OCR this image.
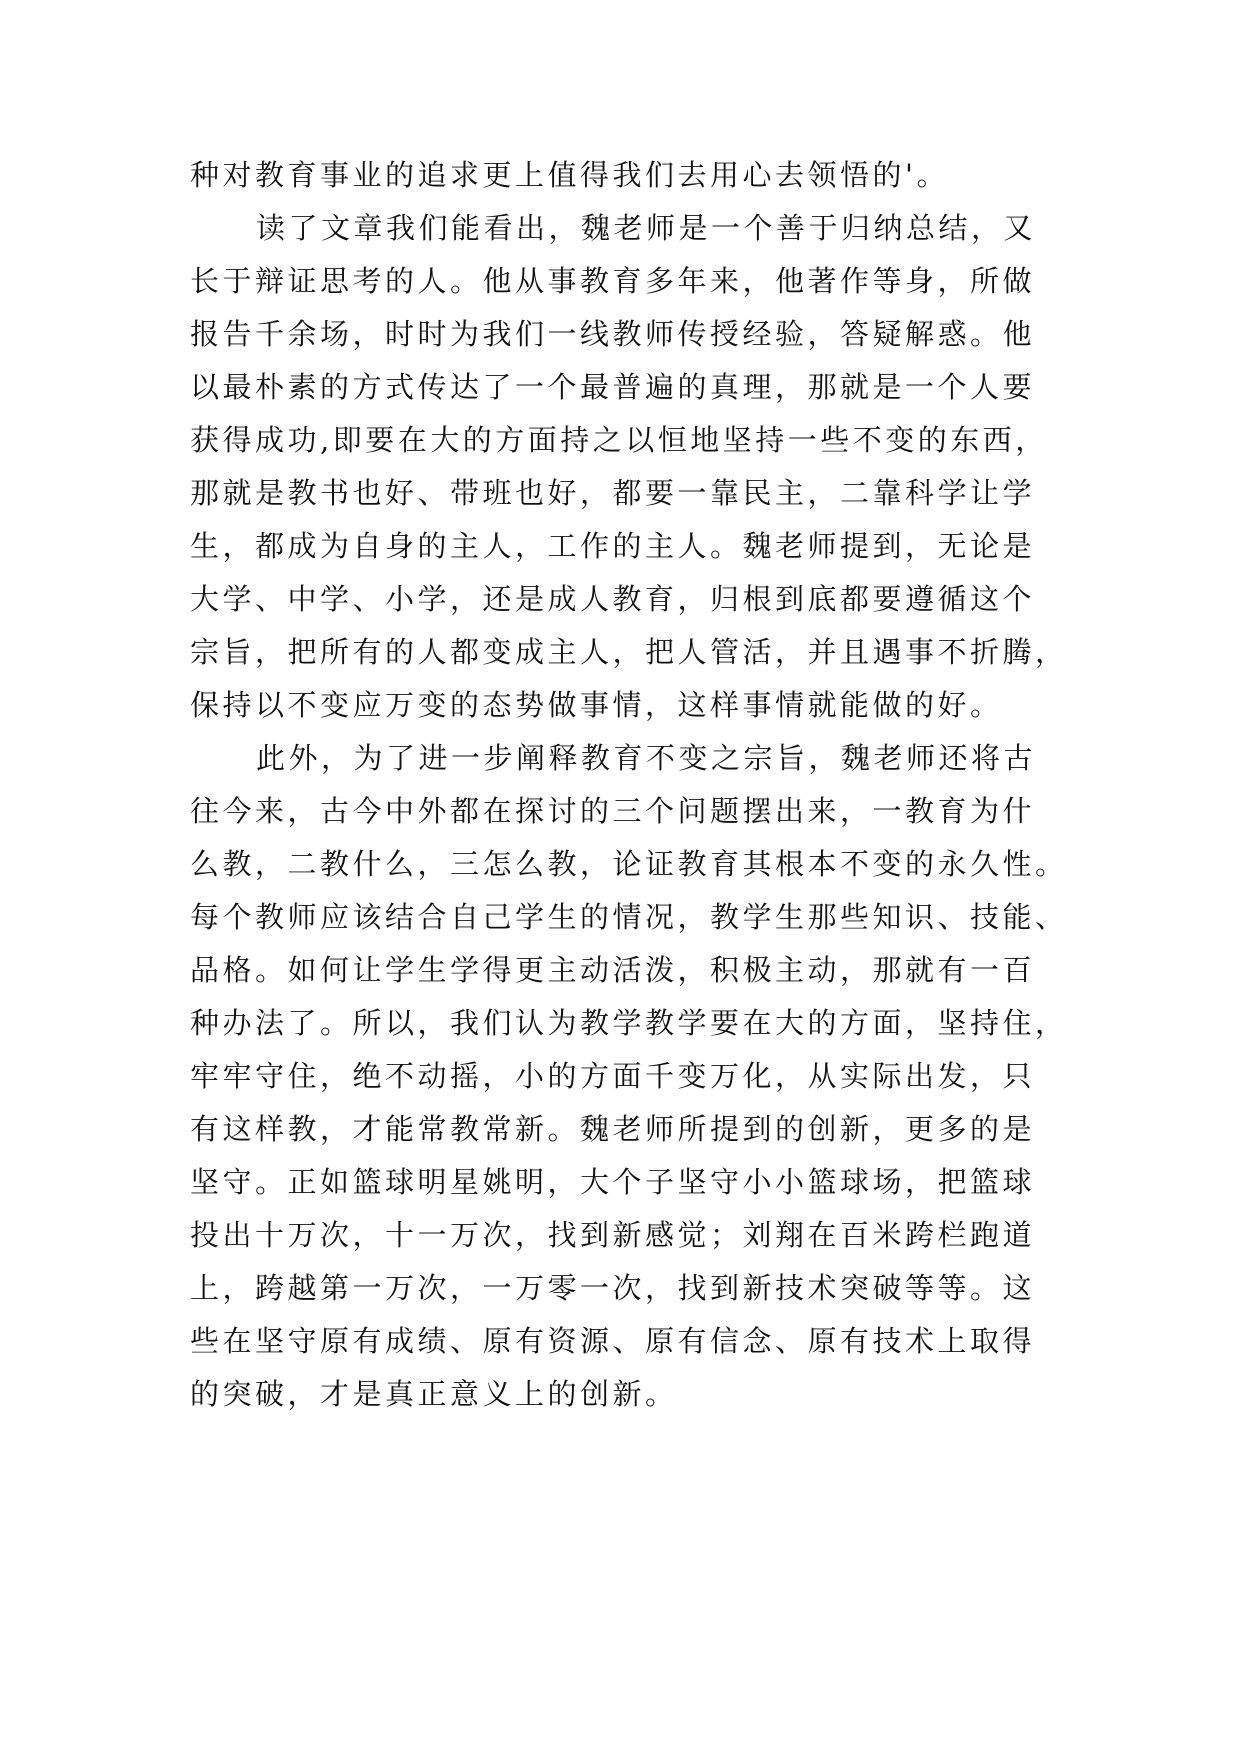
种对教育事业的追求更上值得我们去用心去领悟的'。
读了文章我们能看出，魏老师是一个善于归纳总结，又
长于辩证思考的人。他从事教育多年来，他著作等身，所做
报告千余场，时时为我们一线教师传授经验，答疑解惑。他
以最朴素的方式传达了一个最普遍的真理，那就是一个人要
获得成功,即要在大的方面持之以恒地坚持一些不变的东西，
那就是教书也好、带班也好，都要一靠民主，二靠科学让学
生，都成为自身的主人，工作的主人。魏老师提到，无论是
大学、中学、小学，还是成人教育，归根到底都要遵循这个
宗旨，把所有的人都变成主人，把人管活，并且遇事不折腾，
保持以不变应万变的态势做事情，这样事情就能做的好。
此外，为了进一步阐释教育不变之宗旨，魏老师还将古
往今来，古今中外都在探讨的三个问题摆出来，一教育为什
么教，二教什么，三怎么教，论证教育其根本不变的永久性。
每个教师应该结合自己学生的情况，教学生那些知识、技能、
品格。如何让学生学得更主动活泼，积极主动，那就有一百
种办法了。所以，我们认为教学教学要在大的方面，坚持住，
牢牢守住，绝不动摇，小的方面千变万化，从实际出发，只
有这样教，才能常教常新。魏老师所提到的创新，更多的是
坚守。正如篮球明星姚明，大个子坚守小小篮球场，把篮球
投出十万次，十一万次，找到新感觉；刘翔在百米跨栏跑道
上，跨越第一万次，一万零一次，找到新技术突破等等。这
些在坚守原有成绩、原有资源、原有信念、原有技术上取得
的突破，才是真正意义上的创新。
